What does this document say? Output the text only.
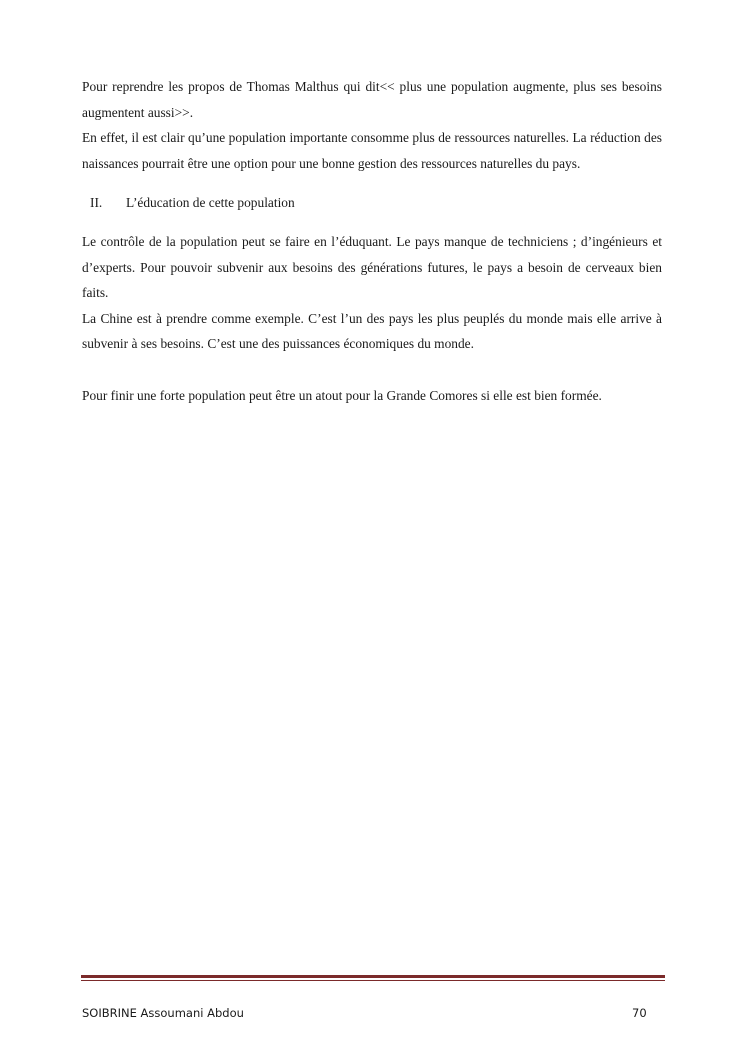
Pour reprendre les propos de Thomas Malthus qui dit<< plus une population augmente, plus ses besoins augmentent aussi>>.

En effet, il est clair qu’une population importante consomme plus de ressources naturelles. La réduction des naissances pourrait être une option pour une bonne gestion des ressources naturelles du pays.

II.	L’éducation de cette population

Le contrôle de la population peut se faire en l’éduquant. Le pays manque de techniciens ; d’ingénieurs et d’experts. Pour pouvoir subvenir aux besoins des générations futures, le pays a besoin de cerveaux bien faits.

La Chine est à prendre comme exemple. C’est l’un des pays les plus peuplés du monde mais elle arrive à subvenir à ses besoins. C’est une des puissances économiques du monde.

Pour finir une forte population peut être un atout pour la Grande Comores si elle est bien formée.

SOIBRINE Assoumani Abdou	70
